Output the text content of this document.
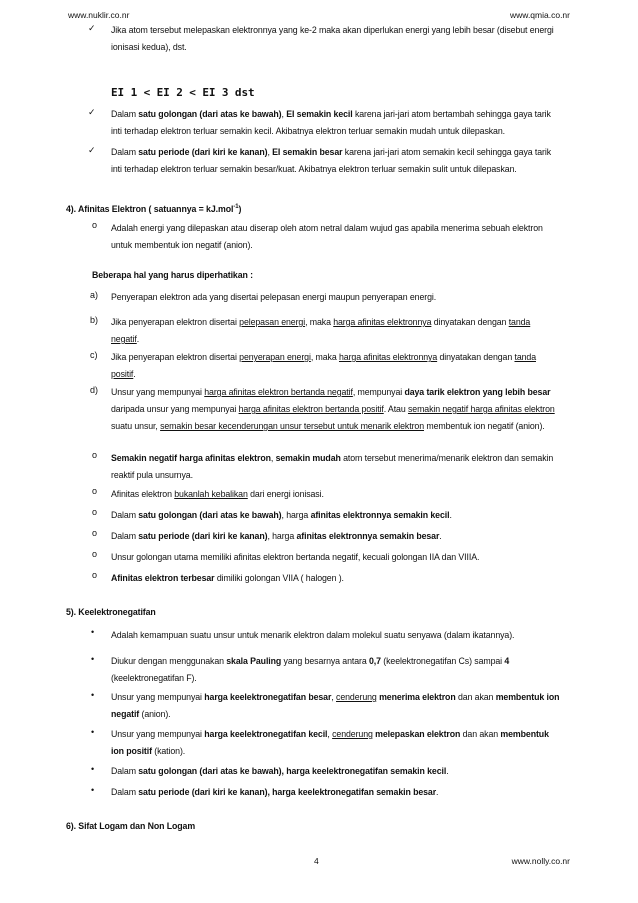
www.nuklir.co.nr	www.qmia.co.nr
4	www.nolly.co.nr
✓ Jika atom tersebut melepaskan elektronnya yang ke-2 maka akan diperlukan energi yang lebih besar (disebut energi
ionisasi kedua), dst.
EI 1 < EI 2 < EI 3 dst
✓ Dalam satu golongan (dari atas ke bawah), EI semakin kecil karena jari-jari atom bertambah sehingga gaya tarik
inti terhadap elektron terluar semakin kecil. Akibatnya elektron terluar semakin mudah untuk dilepaskan.
✓ Dalam satu periode (dari kiri ke kanan), EI semakin besar karena jari-jari atom semakin kecil sehingga gaya tarik
inti terhadap elektron terluar semakin besar/kuat. Akibatnya elektron terluar semakin sulit untuk dilepaskan.
4). Afinitas Elektron ( satuannya = kJ.mol$^{-1}$)
o Adalah energi yang dilepaskan atau diserap oleh atom netral dalam wujud gas apabila menerima sebuah elektron
untuk membentuk ion negatif (anion).
Beberapa hal yang harus diperhatikan :
a) Penyerapan elektron ada yang disertai pelepasan energi maupun penyerapan energi.
b) Jika penyerapan elektron disertai pelepasan energi, maka harga afinitas elektronnya dinyatakan dengan tanda
negatif.
c) Jika penyerapan elektron disertai penyerapan energi, maka harga afinitas elektronnya dinyatakan dengan tanda
positif.
d) Unsur yang mempunyai harga afinitas elektron bertanda negatif, mempunyai daya tarik elektron yang lebih besar
daripada unsur yang mempunyai harga afinitas elektron bertanda positif. Atau semakin negatif harga afinitas elektron
suatu unsur, semakin besar kecenderungan unsur tersebut untuk menarik elektron membentuk ion negatif (anion).
o Semakin negatif harga afinitas elektron, semakin mudah atom tersebut menerima/menarik elektron dan semakin
reaktif pula unsurnya.
o Afinitas elektron bukanlah kebalikan dari energi ionisasi.
o Dalam satu golongan (dari atas ke bawah), harga afinitas elektronnya semakin kecil.
o Dalam satu periode (dari kiri ke kanan), harga afinitas elektronnya semakin besar.
o Unsur golongan utama memiliki afinitas elektron bertanda negatif, kecuali golongan IIA dan VIIIA.
o Afinitas elektron terbesar dimiliki golongan VIIA ( halogen ).
5). Keelektronegatifan
• Adalah kemampuan suatu unsur untuk menarik elektron dalam molekul suatu senyawa (dalam ikatannya).
• Diukur dengan menggunakan skala Pauling yang besarnya antara 0,7 (keelektronegatifan Cs) sampai 4
(keelektronegatifan F).
• Unsur yang mempunyai harga keelektronegatifan besar, cenderung menerima elektron dan akan membentuk ion
negatif (anion).
• Unsur yang mempunyai harga keelektronegatifan kecil, cenderung melepaskan elektron dan akan membentuk
ion positif (kation).
• Dalam satu golongan (dari atas ke bawah), harga keelektronegatifan semakin kecil.
• Dalam satu periode (dari kiri ke kanan), harga keelektronegatifan semakin besar.
6). Sifat Logam dan Non Logam
